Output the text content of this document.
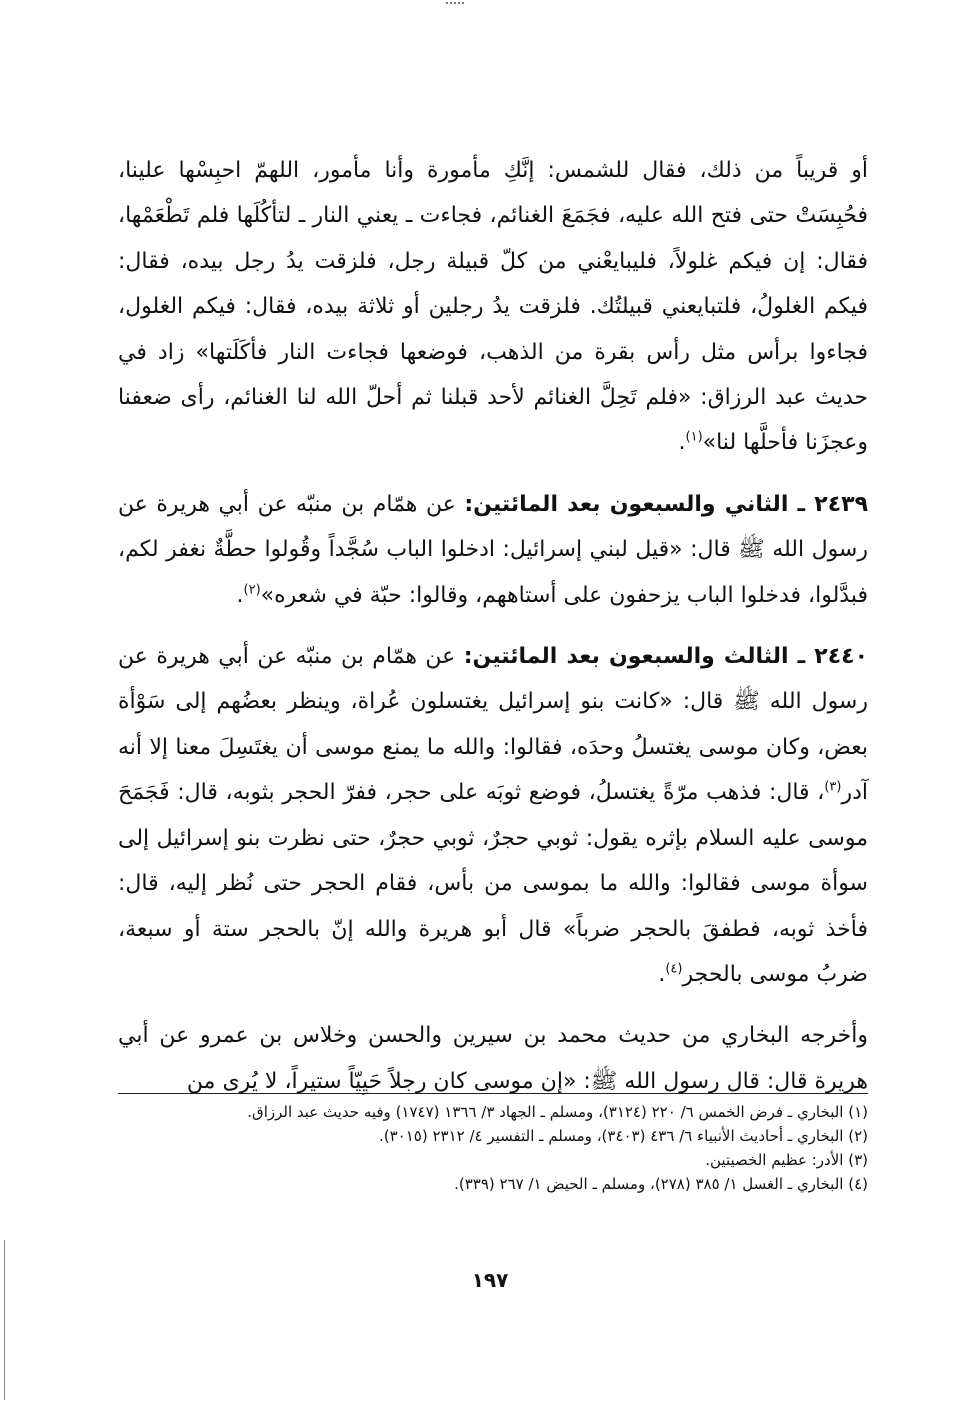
أو قريباً من ذلك، فقال للشمس: إنَّكِ مأمورة وأنا مأمور، اللهمّ احبِسْها علينا، فحُبِسَتْ حتى فتح الله عليه، فجَمَعَ الغنائم، فجاءت ـ يعني النار ـ لتأكُلَها فلم تَطْعَمْها، فقال: إن فيكم غلولاً، فليبايعْني من كلّ قبيلة رجل، فلزقت يدُ رجل بيده، فقال: فيكم الغلولُ، فلتبايعني قبيلتُك. فلزقت يدُ رجلين أو ثلاثة بيده، فقال: فيكم الغلول، فجاءوا برأس مثل رأس بقرة من الذهب، فوضعها فجاءت النار فأكَلَتها» زاد في حديث عبد الرزاق: «فلم تَحِلَّ الغنائم لأحد قبلنا ثم أحلّ الله لنا الغنائم، رأى ضعفنا وعجزَنا فأحلَّها لنا»$^{(١)}$.

٢٤٣٩ ـ الثاني والسبعون بعد المائتين: عن همّام بن منبّه عن أبي هريرة عن رسول الله ﷺ قال: «قيل لبني إسرائيل: ادخلوا الباب سُجَّداً وقُولوا حطَّةٌ نغفر لكم، فبدَّلوا، فدخلوا الباب يزحفون على أستاههم، وقالوا: حبّة في شعره»$^{(٢)}$.

٢٤٤٠ ـ الثالث والسبعون بعد المائتين: عن همّام بن منبّه عن أبي هريرة عن رسول الله ﷺ قال: «كانت بنو إسرائيل يغتسلون عُراة، وينظر بعضُهم إلى سَوْأة بعض، وكان موسى يغتسلُ وحدَه، فقالوا: والله ما يمنع موسى أن يغتَسِلَ معنا إلا أنه آدر$^{(٣)}$، قال: فذهب مرّةً يغتسلُ، فوضع ثوبَه على حجر، ففرّ الحجر بثوبه، قال: فَجَمَحَ موسى عليه السلام بإثره يقول: ثوبي حجرٌ، ثوبي حجرٌ، حتى نظرت بنو إسرائيل إلى سوأة موسى فقالوا: والله ما بموسى من بأس، فقام الحجر حتى نُظر إليه، قال: فأخذ ثوبه، فطفقَ بالحجر ضرباً» قال أبو هريرة والله إنّ بالحجر ستة أو سبعة، ضربُ موسى بالحجر$^{(٤)}$.

وأخرجه البخاري من حديث محمد بن سيرين والحسن وخلاس بن عمرو عن أبي هريرة قال: قال رسول الله ﷺ: «إن موسى كان رجلاً حَيِيّاً ستيراً، لا يُرى من

(١) البخاري ـ فرض الخمس ٦/ ٢٢٠ (٣١٢٤)، ومسلم ـ الجهاد ٣/ ١٣٦٦ (١٧٤٧) وفيه حديث عبد الرزاق.

(٢) البخاري ـ أحاديث الأنبياء ٦/ ٤٣٦ (٣٤٠٣)، ومسلم ـ التفسير ٤/ ٢٣١٢ (٣٠١٥).

(٣) الأدر: عظيم الخصيتين.

(٤) البخاري ـ الغسل ١/ ٣٨٥ (٢٧٨)، ومسلم ـ الحيض ١/ ٢٦٧ (٣٣٩).

١٩٧
